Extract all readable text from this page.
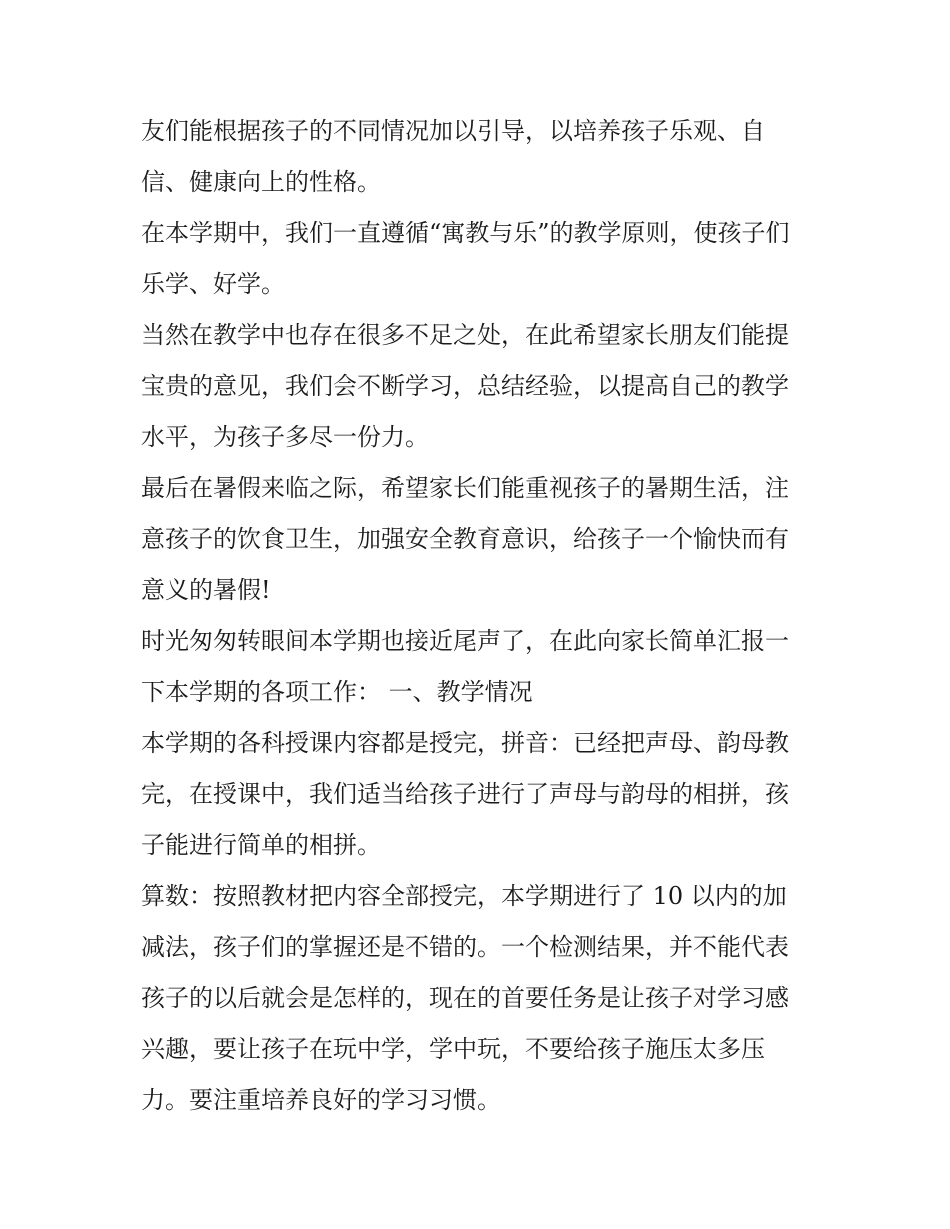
友们能根据孩子的不同情况加以引导，以培养孩子乐观、自
信、健康向上的性格。
在本学期中，我们一直遵循“寓教与乐”的教学原则，使孩子们
乐学、好学。
当然在教学中也存在很多不足之处，在此希望家长朋友们能提
宝贵的意见，我们会不断学习，总结经验，以提高自己的教学
水平，为孩子多尽一份力。
最后在暑假来临之际，希望家长们能重视孩子的暑期生活，注
意孩子的饮食卫生，加强安全教育意识，给孩子一个愉快而有
意义的暑假!
时光匆匆转眼间本学期也接近尾声了，在此向家长简单汇报一
下本学期的各项工作： 一、教学情况
本学期的各科授课内容都是授完，拼音：已经把声母、韵母教
完，在授课中，我们适当给孩子进行了声母与韵母的相拼，孩
子能进行简单的相拼。
算数：按照教材把内容全部授完，本学期进行了 10 以内的加
减法，孩子们的掌握还是不错的。一个检测结果，并不能代表
孩子的以后就会是怎样的，现在的首要任务是让孩子对学习感
兴趣，要让孩子在玩中学，学中玩，不要给孩子施压太多压
力。要注重培养良好的学习习惯。
